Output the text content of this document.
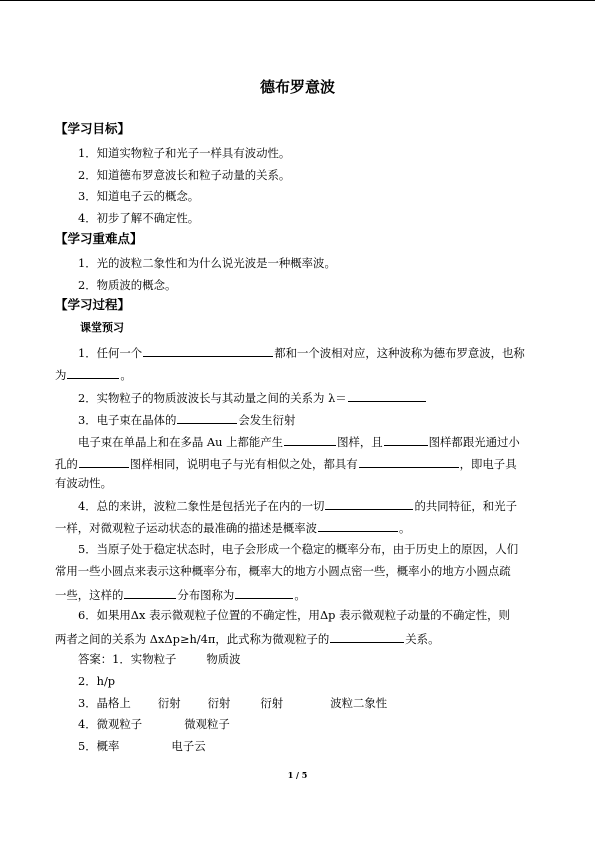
德布罗意波
【学习目标】
1．知道实物粒子和光子一样具有波动性。
2．知道德布罗意波长和粒子动量的关系。
3．知道电子云的概念。
4．初步了解不确定性。
【学习重难点】
1．光的波粒二象性和为什么说光波是一种概率波。
2．物质波的概念。
【学习过程】
课堂预习
1．任何一个	都和一个波相对应，这种波称为德布罗意波，也称
为	。
2．实物粒子的物质波波长与其动量之间的关系为 λ＝
3．电子束在晶体的	会发生衍射
电子束在单晶上和在多晶 Au 上都能产生	图样，且	图样都跟光通过小
孔的	图样相同，说明电子与光有相似之处，都具有	，即电子具
有波动性。
4．总的来讲，波粒二象性是包括光子在内的一切	的共同特征，和光子
一样，对微观粒子运动状态的最准确的描述是概率波	。
5．当原子处于稳定状态时，电子会形成一个稳定的概率分布，由于历史上的原因，人们
常用一些小圆点来表示这种概率分布，概率大的地方小圆点密一些，概率小的地方小圆点疏
一些，这样的	分布图称为	。
6．如果用Δx 表示微观粒子位置的不确定性，用Δp 表示微观粒子动量的不确定性，则
两者之间的关系为 ΔxΔp≥h/4π，此式称为微观粒子的	关系。
答案：1．实物粒子	物质波
2．h/p
3．晶格上 衍射 衍射	衍射	波粒二象性
4．微观粒子	微观粒子
5．概率	电子云
1 / 5
